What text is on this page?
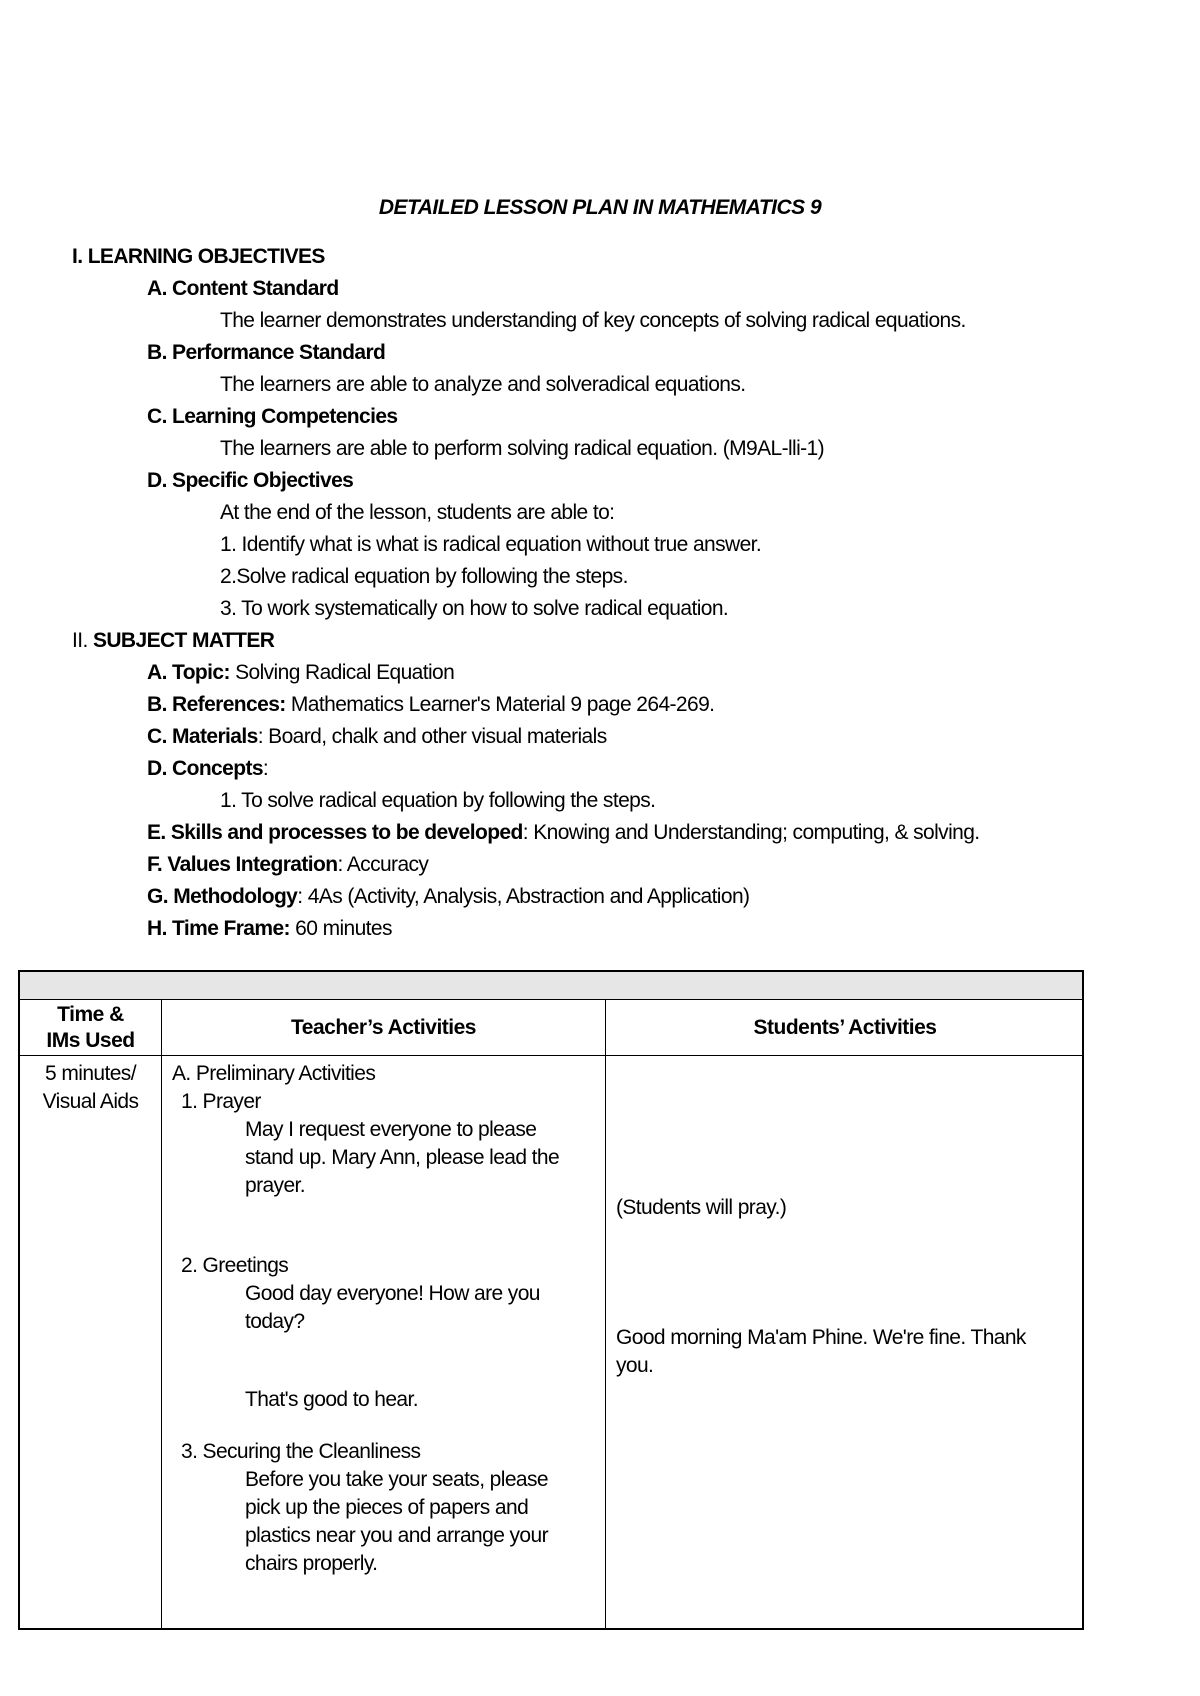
DETAILED LESSON PLAN IN MATHEMATICS 9
I. LEARNING OBJECTIVES
A. Content Standard
The learner demonstrates understanding of key concepts of solving radical equations.
B. Performance Standard
The learners are able to analyze and solveradical equations.
C. Learning Competencies
The learners are able to perform solving radical equation. (M9AL-lli-1)
D. Specific Objectives
At the end of the lesson, students are able to:
1. Identify what is what is radical equation without true answer.
2.Solve radical equation by following the steps.
3. To work systematically on how to solve radical equation.
II. SUBJECT MATTER
A. Topic: Solving Radical Equation
B. References: Mathematics Learner's Material 9 page 264-269.
C. Materials: Board, chalk and other visual materials
D. Concepts:
1. To solve radical equation by following the steps.
E. Skills and processes to be developed: Knowing and Understanding; computing, & solving.
F. Values Integration: Accuracy
G. Methodology: 4As (Activity, Analysis, Abstraction and Application)
H. Time Frame: 60 minutes
Time &
IMs Used
Teacher’s Activities	Students’ Activities
5 minutes/
Visual Aids
A. Preliminary Activities
1. Prayer
May I request everyone to please
stand up. Mary Ann, please lead the
prayer.
2. Greetings
Good day everyone! How are you
today?
That's good to hear.
3. Securing the Cleanliness
Before you take your seats, please
pick up the pieces of papers and
plastics near you and arrange your
chairs properly.
(Students will pray.)
Good morning Ma'am Phine. We're fine. Thank
you.
